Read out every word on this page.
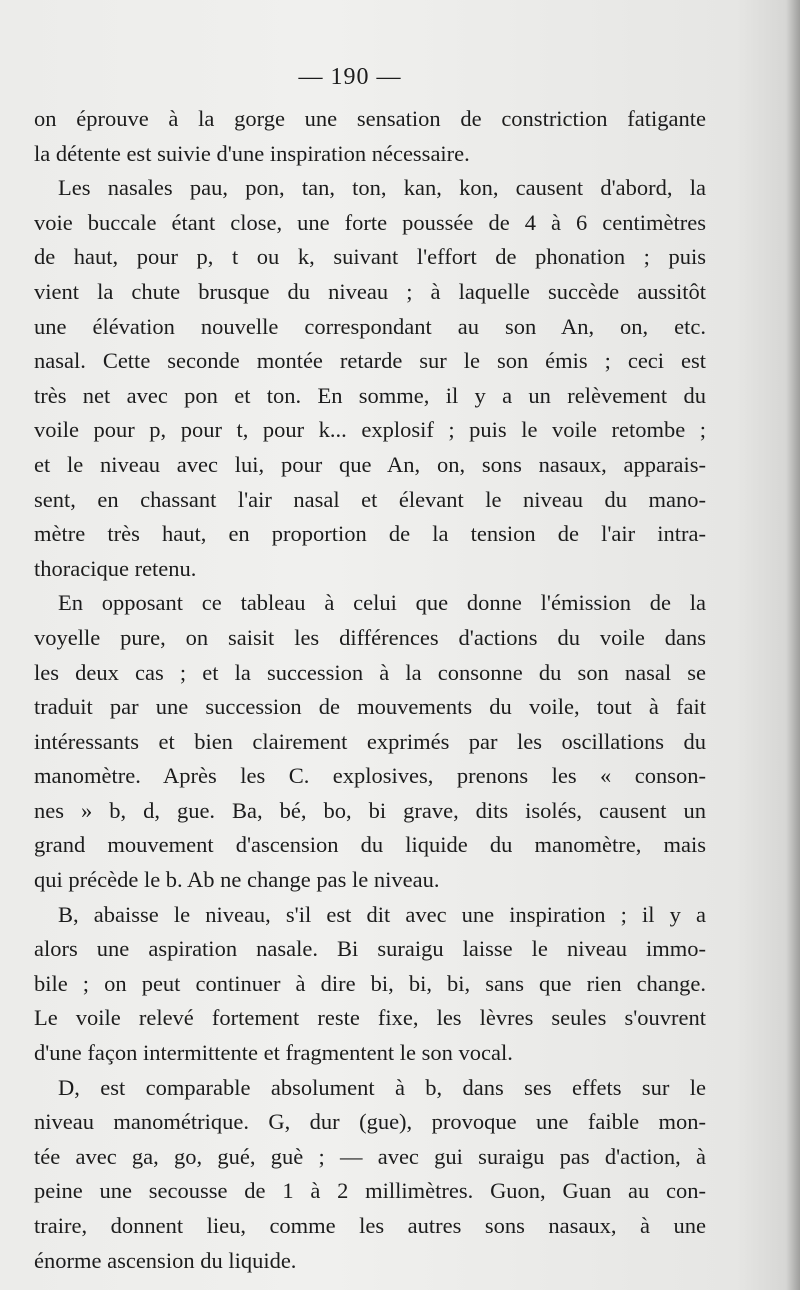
— 190 —
on éprouve à la gorge une sensation de constriction fatigante
la détente est suivie d'une inspiration nécessaire.
Les nasales pau, pon, tan, ton, kan, kon, causent d'abord, la
voie buccale étant close, une forte poussée de 4 à 6 centimètres
de haut, pour p, t ou k, suivant l'effort de phonation ; puis
vient la chute brusque du niveau ; à laquelle succède aussitôt
une élévation nouvelle correspondant au son An, on, etc.
nasal. Cette seconde montée retarde sur le son émis ; ceci est
très net avec pon et ton. En somme, il y a un relèvement du
voile pour p, pour t, pour k... explosif ; puis le voile retombe ;
et le niveau avec lui, pour que An, on, sons nasaux, apparais-
sent, en chassant l'air nasal et élevant le niveau du mano-
mètre très haut, en proportion de la tension de l'air intra-
thoracique retenu.
En opposant ce tableau à celui que donne l'émission de la
voyelle pure, on saisit les différences d'actions du voile dans
les deux cas ; et la succession à la consonne du son nasal se
traduit par une succession de mouvements du voile, tout à fait
intéressants et bien clairement exprimés par les oscillations du
manomètre. Après les C. explosives, prenons les « conson-
nes » b, d, gue. Ba, bé, bo, bi grave, dits isolés, causent un
grand mouvement d'ascension du liquide du manomètre, mais
qui précède le b. Ab ne change pas le niveau.
B, abaisse le niveau, s'il est dit avec une inspiration ; il y a
alors une aspiration nasale. Bi suraigu laisse le niveau immo-
bile ; on peut continuer à dire bi, bi, bi, sans que rien change.
Le voile relevé fortement reste fixe, les lèvres seules s'ouvrent
d'une façon intermittente et fragmentent le son vocal.
D, est comparable absolument à b, dans ses effets sur le
niveau manométrique. G, dur (gue), provoque une faible mon-
tée avec ga, go, gué, guè ; — avec gui suraigu pas d'action, à
peine une secousse de 1 à 2 millimètres. Guon, Guan au con-
traire, donnent lieu, comme les autres sons nasaux, à une
énorme ascension du liquide.
